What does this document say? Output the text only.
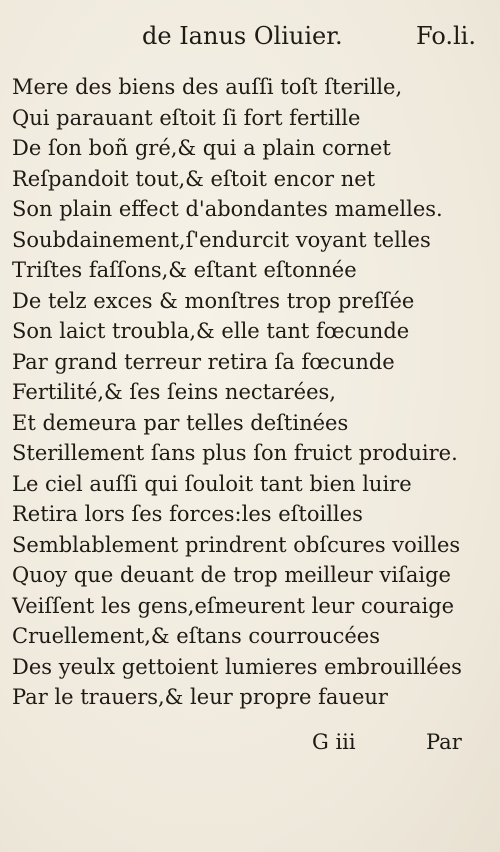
de Ianus Oliuier.	Fo.li.
Mere des biens des auſſi toſt ſterille,
Qui parauant eſtoit ſi fort fertille
De ſon boñ gré,& qui a plain cornet
Reſpandoit tout,& eſtoit encor net
Son plain effect d'abondantes mamelles.
Soubdainement,ſ'endurcit voyant telles
Triſtes faſſons,& eſtant eſtonnée
De telz exces & monſtres trop preſſée
Son laict troubla,& elle tant fœcunde
Par grand terreur retira ſa fœcunde
Fertilité,& ſes ſeins nectarées,
Et demeura par telles deſtinées
Sterillement ſans plus ſon fruict produire.
Le ciel auſſi qui ſouloit tant bien luire
Retira lors ſes forces:les eſtoilles
Semblablement prindrent obſcures voilles
Quoy que deuant de trop meilleur viſaige
Veiſſent les gens,eſmeurent leur couraige
Cruellement,& eſtans courroucées
Des yeulx gettoient lumieres embrouillées
Par le trauers,& leur propre faueur
G iii	Par
